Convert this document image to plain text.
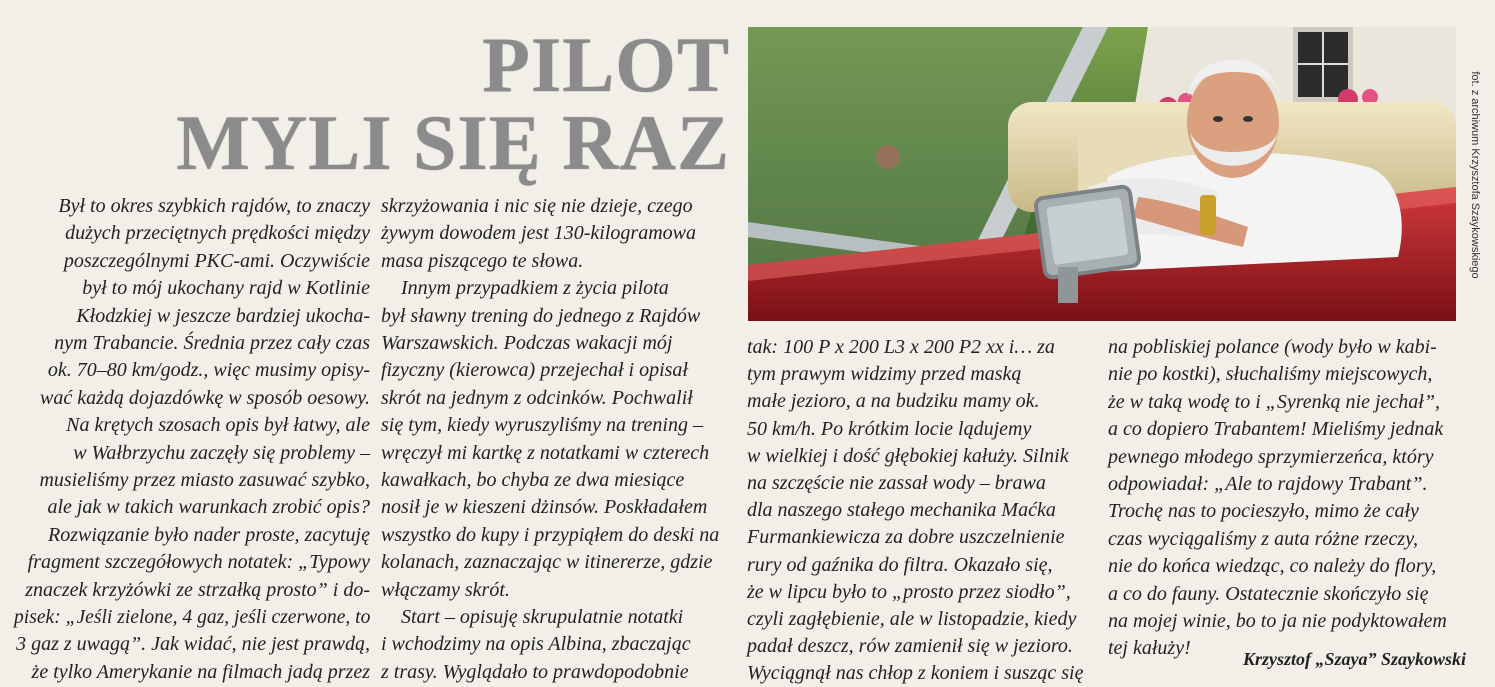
PILOT
MYLI SIĘ RAZ
Był to okres szybkich rajdów, to znaczy
dużych przeciętnych prędkości między
poszczególnymi PKC-ami. Oczywiście
był to mój ukochany rajd w Kotlinie
Kłodzkiej w jeszcze bardziej ukocha-
nym Trabancie. Średnia przez cały czas
ok. 70–80 km/godz., więc musimy opisy-
wać każdą dojazdówkę w sposób oesowy.
Na krętych szosach opis był łatwy, ale
w Wałbrzychu zaczęły się problemy –
musieliśmy przez miasto zasuwać szybko,
ale jak w takich warunkach zrobić opis?
Rozwiązanie było nader proste, zacytuję
fragment szczegółowych notatek: „Typowy
znaczek krzyżówki ze strzałką prosto” i do-
pisek: „Jeśli zielone, 4 gaz, jeśli czerwone, to
3 gaz z uwagą”. Jak widać, nie jest prawdą,
że tylko Amerykanie na filmach jadą przez
skrzyżowania i nic się nie dzieje, czego
żywym dowodem jest 130-kilogramowa
masa piszącego te słowa.
Innym przypadkiem z życia pilota
był sławny trening do jednego z Rajdów
Warszawskich. Podczas wakacji mój
fizyczny (kierowca) przejechał i opisał
skrót na jednym z odcinków. Pochwalił
się tym, kiedy wyruszyliśmy na trening –
wręczył mi kartkę z notatkami w czterech
kawałkach, bo chyba ze dwa miesiące
nosił je w kieszeni dżinsów. Poskładałem
wszystko do kupy i przypiąłem do deski na
kolanach, zaznaczając w itinererze, gdzie
włączamy skrót.
Start – opisuję skrupulatnie notatki
i wchodzimy na opis Albina, zbaczając
z trasy. Wyglądało to prawdopodobnie
tak: 100 P x 200 L3 x 200 P2 xx i… za
tym prawym widzimy przed maską
małe jezioro, a na budziku mamy ok.
50 km/h. Po krótkim locie lądujemy
w wielkiej i dość głębokiej kałuży. Silnik
na szczęście nie zassał wody – brawa
dla naszego stałego mechanika Maćka
Furmankiewicza za dobre uszczelnienie
rury od gaźnika do filtra. Okazało się,
że w lipcu było to „prosto przez siodło”,
czyli zagłębienie, ale w listopadzie, kiedy
padał deszcz, rów zamienił się w jezioro.
Wyciągnął nas chłop z koniem i susząc się
na pobliskiej polance (wody było w kabi-
nie po kostki), słuchaliśmy miejscowych,
że w taką wodę to i „Syrenką nie jechał”,
a co dopiero Trabantem! Mieliśmy jednak
pewnego młodego sprzymierzeńca, który
odpowiadał: „Ale to rajdowy Trabant”.
Trochę nas to pocieszyło, mimo że cały
czas wyciągaliśmy z auta różne rzeczy,
nie do końca wiedząc, co należy do flory,
a co do fauny. Ostatecznie skończyło się
na mojej winie, bo to ja nie podyktowałem
tej kałuży!
fot. z archiwum Krzysztofa Szaykowskiego
Krzysztof „Szaya” Szaykowski
